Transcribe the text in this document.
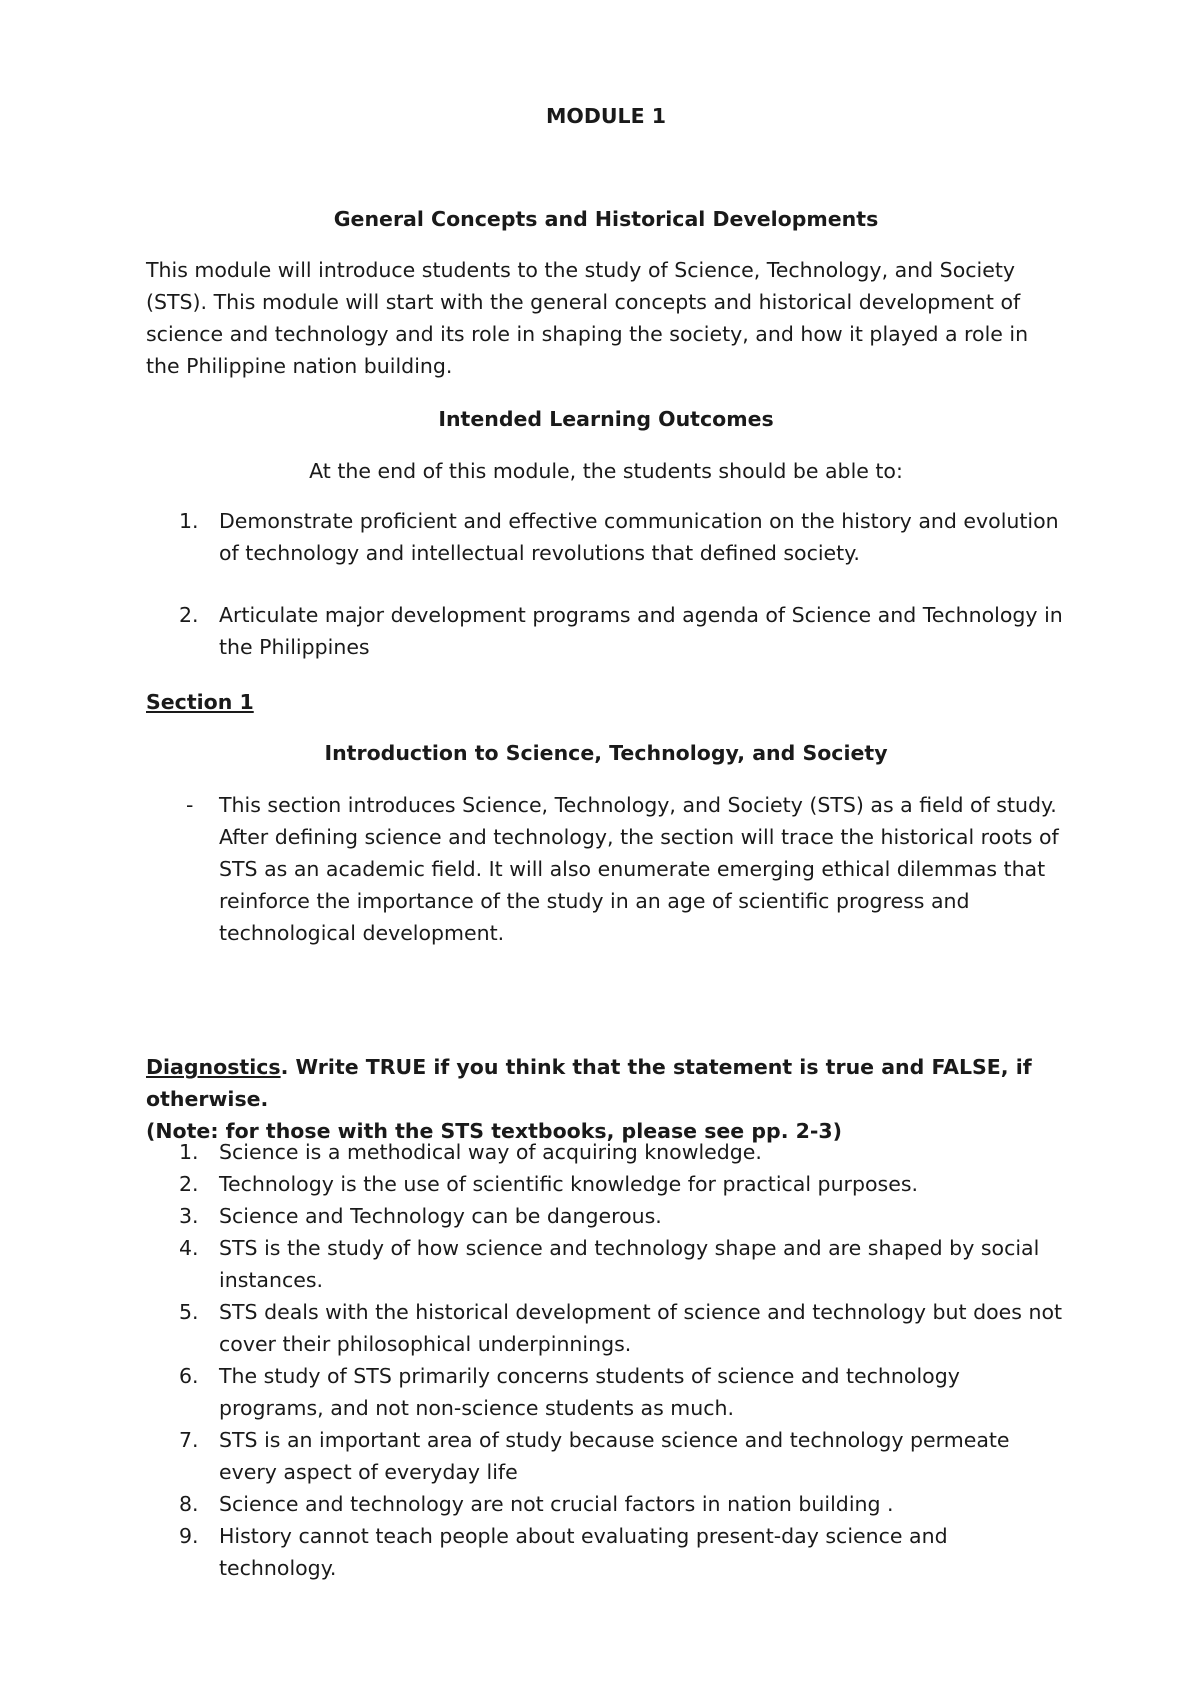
MODULE 1

General Concepts and Historical Developments

This module will introduce students to the study of Science, Technology, and Society (STS). This module will start with the general concepts and historical development of science and technology and its role in shaping the society, and how it played a role in the Philippine nation building.

Intended Learning Outcomes

At the end of this module, the students should be able to:

1. Demonstrate proficient and effective communication on the history and evolution of technology and intellectual revolutions that defined society.
2. Articulate major development programs and agenda of Science and Technology in the Philippines

Section 1

Introduction to Science, Technology, and Society

- This section introduces Science, Technology, and Society (STS) as a field of study. After defining science and technology, the section will trace the historical roots of STS as an academic field. It will also enumerate emerging ethical dilemmas that reinforce the importance of the study in an age of scientific progress and technological development.
Diagnostics. Write TRUE if you think that the statement is true and FALSE, if otherwise.
(Note: for those with the STS textbooks, please see pp. 2-3)
1. Science is a methodical way of acquiring knowledge.
2. Technology is the use of scientific knowledge for practical purposes.
3. Science and Technology can be dangerous.
4. STS is the study of how science and technology shape and are shaped by social instances.
5. STS deals with the historical development of science and technology but does not cover their philosophical underpinnings.
6. The study of STS primarily concerns students of science and technology programs, and not non-science students as much.
7. STS is an important area of study because science and technology permeate every aspect of everyday life
8. Science and technology are not crucial factors in nation building .
9. History cannot teach people about evaluating present-day science and technology.
